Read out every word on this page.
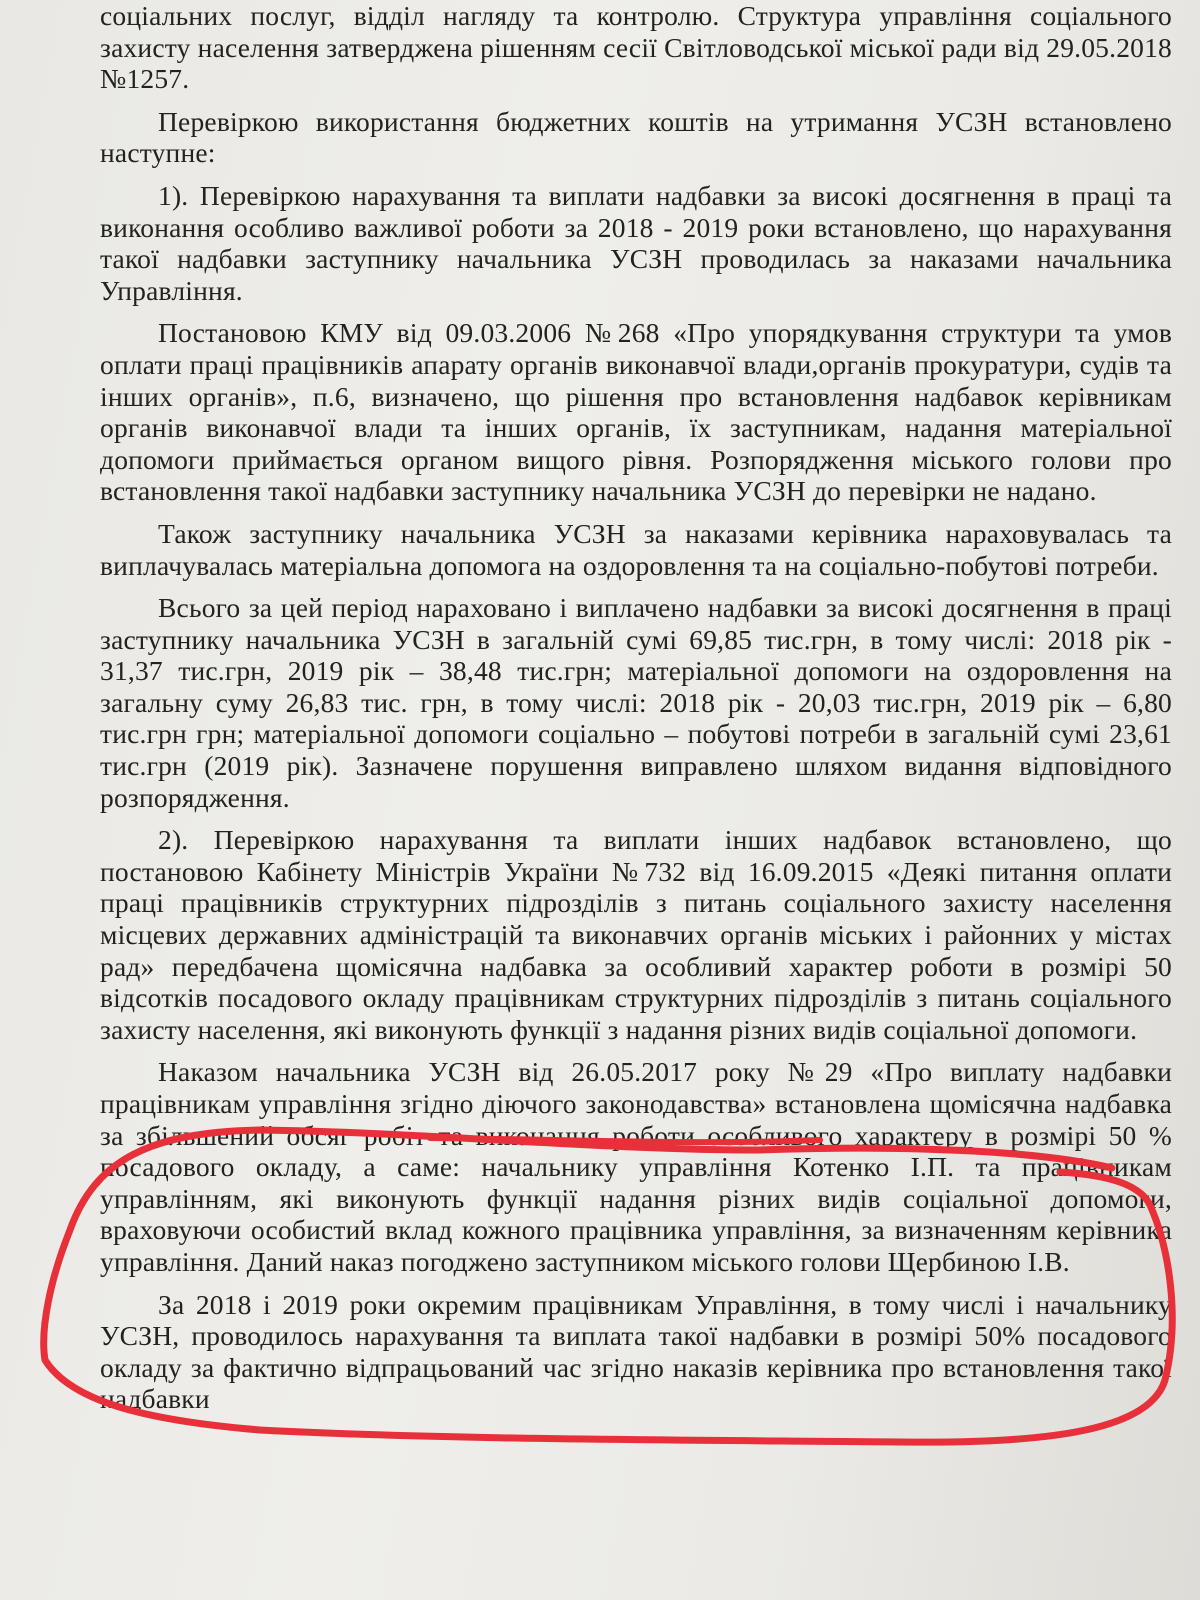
соціальних послуг, відділ нагляду та контролю. Структура управління соціального захисту населення затверджена рішенням сесії Світловодської міської ради від 29.05.2018 №1257.

Перевіркою використання бюджетних коштів на утримання УСЗН встановлено наступне:

1). Перевіркою нарахування та виплати надбавки за високі досягнення в праці та виконання особливо важливої роботи за 2018 - 2019 роки встановлено, що нарахування такої надбавки заступнику начальника УСЗН проводилась за наказами начальника Управління.

Постановою КМУ від 09.03.2006 №268 «Про упорядкування структури та умов оплати праці працівників апарату органів виконавчої влади,органів прокуратури, судів та інших органів», п.6, визначено, що рішення про встановлення надбавок керівникам органів виконавчої влади та інших органів, їх заступникам, надання матеріальної допомоги приймається органом вищого рівня. Розпорядження міського голови про встановлення такої надбавки заступнику начальника УСЗН до перевірки не надано.

Також заступнику начальника УСЗН за наказами керівника нараховувалась та виплачувалась матеріальна допомога на оздоровлення та на соціально-побутові потреби.

Всього за цей період нараховано і виплачено надбавки за високі досягнення в праці заступнику начальника УСЗН в загальній сумі 69,85 тис.грн, в тому числі: 2018 рік - 31,37 тис.грн, 2019 рік – 38,48 тис.грн; матеріальної допомоги на оздоровлення на загальну суму 26,83 тис. грн, в тому числі: 2018 рік - 20,03 тис.грн, 2019 рік – 6,80 тис.грн грн; матеріальної допомоги соціально – побутові потреби в загальній сумі 23,61 тис.грн (2019 рік). Зазначене порушення виправлено шляхом видання відповідного розпорядження.

2). Перевіркою нарахування та виплати інших надбавок встановлено, що постановою Кабінету Міністрів України №732 від 16.09.2015 «Деякі питання оплати праці працівників структурних підрозділів з питань соціального захисту населення місцевих державних адміністрацій та виконавчих органів міських і районних у містах рад» передбачена щомісячна надбавка за особливий характер роботи в розмірі 50 відсотків посадового окладу працівникам структурних підрозділів з питань соціального захисту населення, які виконують функції з надання різних видів соціальної допомоги.

Наказом начальника УСЗН від 26.05.2017 року №29 «Про виплату надбавки працівникам управління згідно діючого законодавства» встановлена щомісячна надбавка за збільшений обсяг робіт та виконання роботи особливого характеру в розмірі 50 % посадового окладу, а саме: начальнику управління Котенко І.П. та працівникам управлінням, які виконують функції надання різних видів соціальної допомоги, враховуючи особистий вклад кожного працівника управління, за визначенням керівника управління. Даний наказ погоджено заступником міського голови Щербиною І.В.

За 2018 і 2019 роки окремим працівникам Управління, в тому числі і начальнику УСЗН, проводилось нарахування та виплата такої надбавки в розмірі 50% посадового окладу за фактично відпрацьований час згідно наказів керівника про встановлення такої надбавки
